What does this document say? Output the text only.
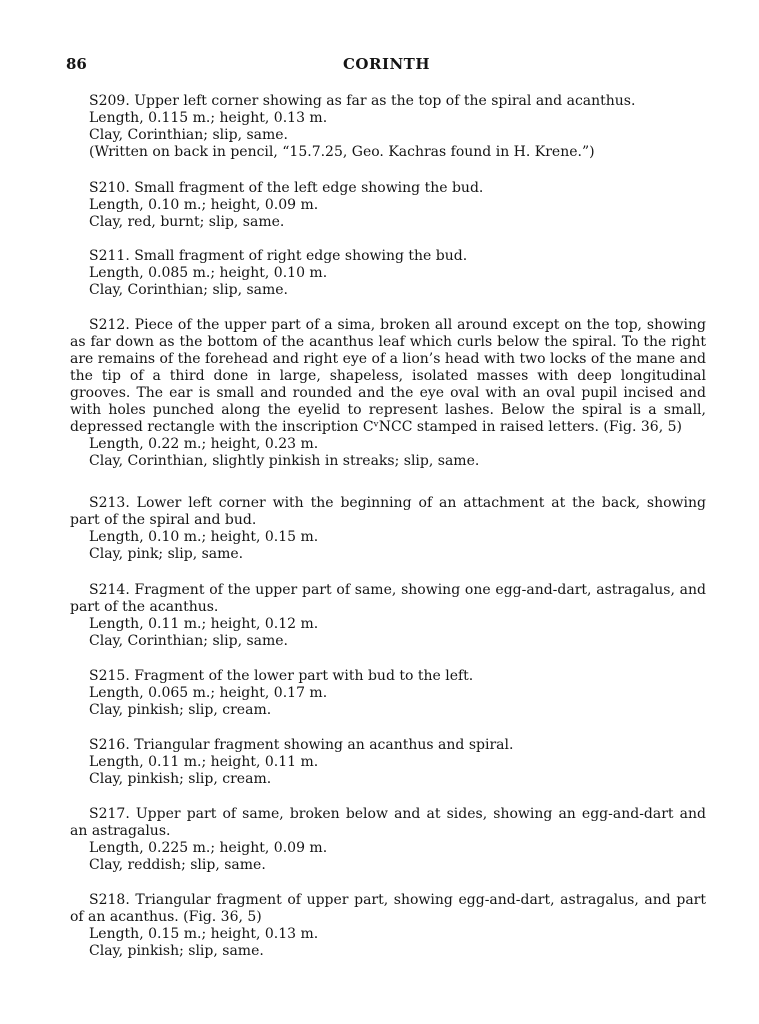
86	CORINTH

S209. Upper left corner showing as far as the top of the spiral and acanthus.

Length, 0.115 m.; height, 0.13 m.

Clay, Corinthian; slip, same.

(Written on back in pencil, “15.7.25, Geo. Kachras found in H. Krene.”)

S210. Small fragment of the left edge showing the bud.

Length, 0.10 m.; height, 0.09 m.

Clay, red, burnt; slip, same.

S211. Small fragment of right edge showing the bud.

Length, 0.085 m.; height, 0.10 m.

Clay, Corinthian; slip, same.

S212. Piece of the upper part of a sima, broken all around except on the top, showing as far down as the bottom of the acanthus leaf which curls below the spiral. To the right are remains of the forehead and right eye of a lion’s head with two locks of the mane and the tip of a third done in large, shapeless, isolated masses with deep longitudinal grooves. The ear is small and rounded and the eye oval with an oval pupil incised and with holes punched along the eyelid to represent lashes. Below the spiral is a small, depressed rectangle with the inscription CᵛNCC stamped in raised letters. (Fig. 36, 5)

Length, 0.22 m.; height, 0.23 m.

Clay, Corinthian, slightly pinkish in streaks; slip, same.

S213. Lower left corner with the beginning of an attachment at the back, showing part of the spiral and bud.

Length, 0.10 m.; height, 0.15 m.

Clay, pink; slip, same.

S214. Fragment of the upper part of same, showing one egg-and-dart, astragalus, and part of the acanthus.

Length, 0.11 m.; height, 0.12 m.

Clay, Corinthian; slip, same.

S215. Fragment of the lower part with bud to the left.

Length, 0.065 m.; height, 0.17 m.

Clay, pinkish; slip, cream.

S216. Triangular fragment showing an acanthus and spiral.

Length, 0.11 m.; height, 0.11 m.

Clay, pinkish; slip, cream.

S217. Upper part of same, broken below and at sides, showing an egg-and-dart and an astragalus.

Length, 0.225 m.; height, 0.09 m.

Clay, reddish; slip, same.

S218. Triangular fragment of upper part, showing egg-and-dart, astragalus, and part of an acanthus. (Fig. 36, 5)

Length, 0.15 m.; height, 0.13 m.

Clay, pinkish; slip, same.
